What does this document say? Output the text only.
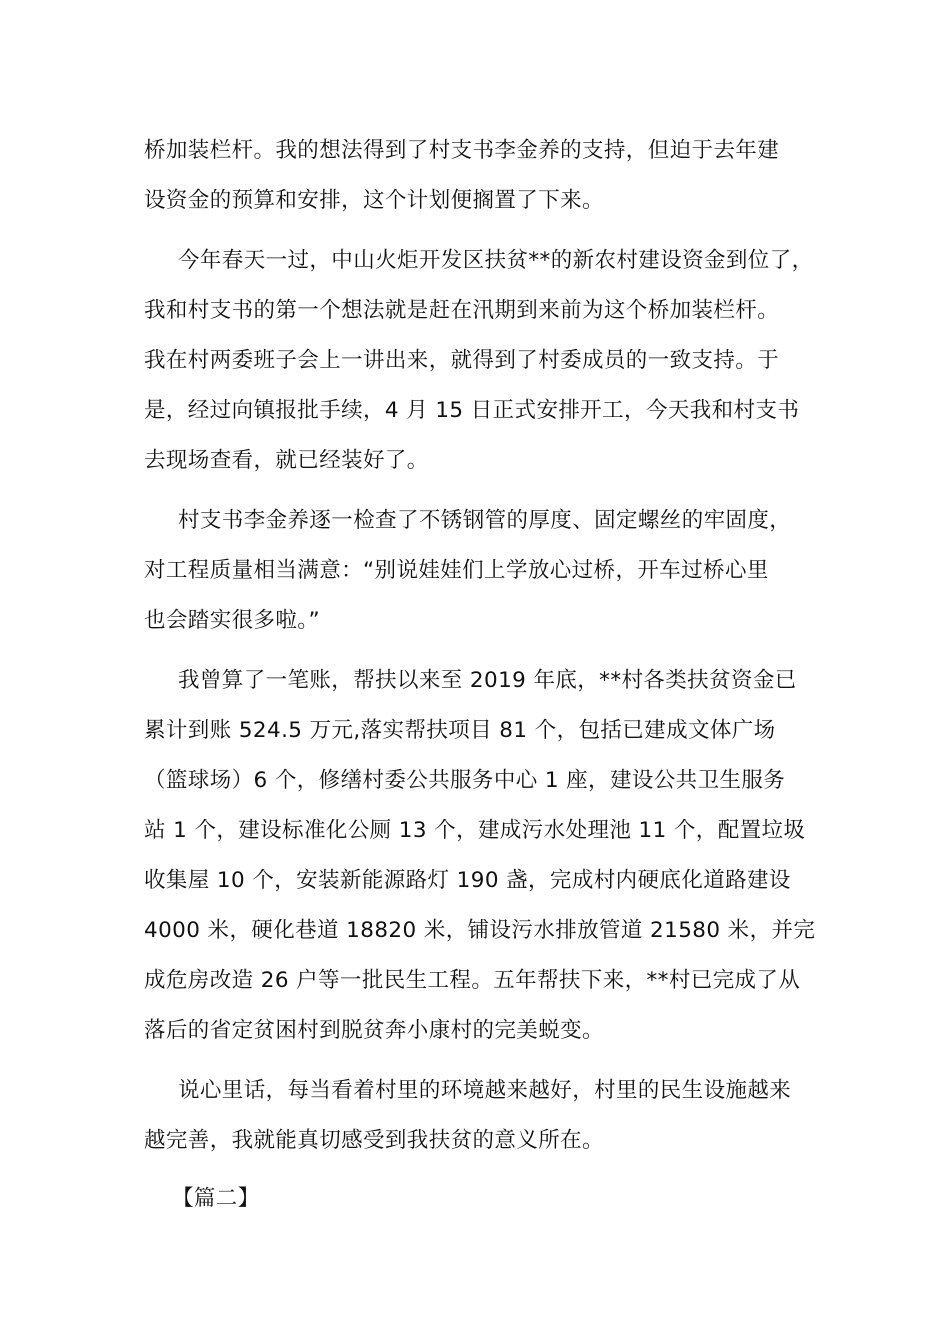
桥加装栏杆。我的想法得到了村支书李金养的支持，但迫于去年建
设资金的预算和安排，这个计划便搁置了下来。
今年春天一过，中山火炬开发区扶贫**的新农村建设资金到位了，
我和村支书的第一个想法就是赶在汛期到来前为这个桥加装栏杆。
我在村两委班子会上一讲出来，就得到了村委成员的一致支持。于
是，经过向镇报批手续，4 月 15 日正式安排开工，今天我和村支书
去现场查看，就已经装好了。
村支书李金养逐一检查了不锈钢管的厚度、固定螺丝的牢固度，
对工程质量相当满意：“别说娃娃们上学放心过桥，开车过桥心里
也会踏实很多啦。”
我曾算了一笔账，帮扶以来至 2019 年底，**村各类扶贫资金已
累计到账 524.5 万元,落实帮扶项目 81 个，包括已建成文体广场
（篮球场）6 个，修缮村委公共服务中心 1 座，建设公共卫生服务
站 1 个，建设标准化公厕 13 个，建成污水处理池 11 个，配置垃圾
收集屋 10 个，安装新能源路灯 190 盏，完成村内硬底化道路建设
4000 米，硬化巷道 18820 米，铺设污水排放管道 21580 米，并完
成危房改造 26 户等一批民生工程。五年帮扶下来，**村已完成了从
落后的省定贫困村到脱贫奔小康村的完美蜕变。
说心里话，每当看着村里的环境越来越好，村里的民生设施越来
越完善，我就能真切感受到我扶贫的意义所在。
【篇二】
